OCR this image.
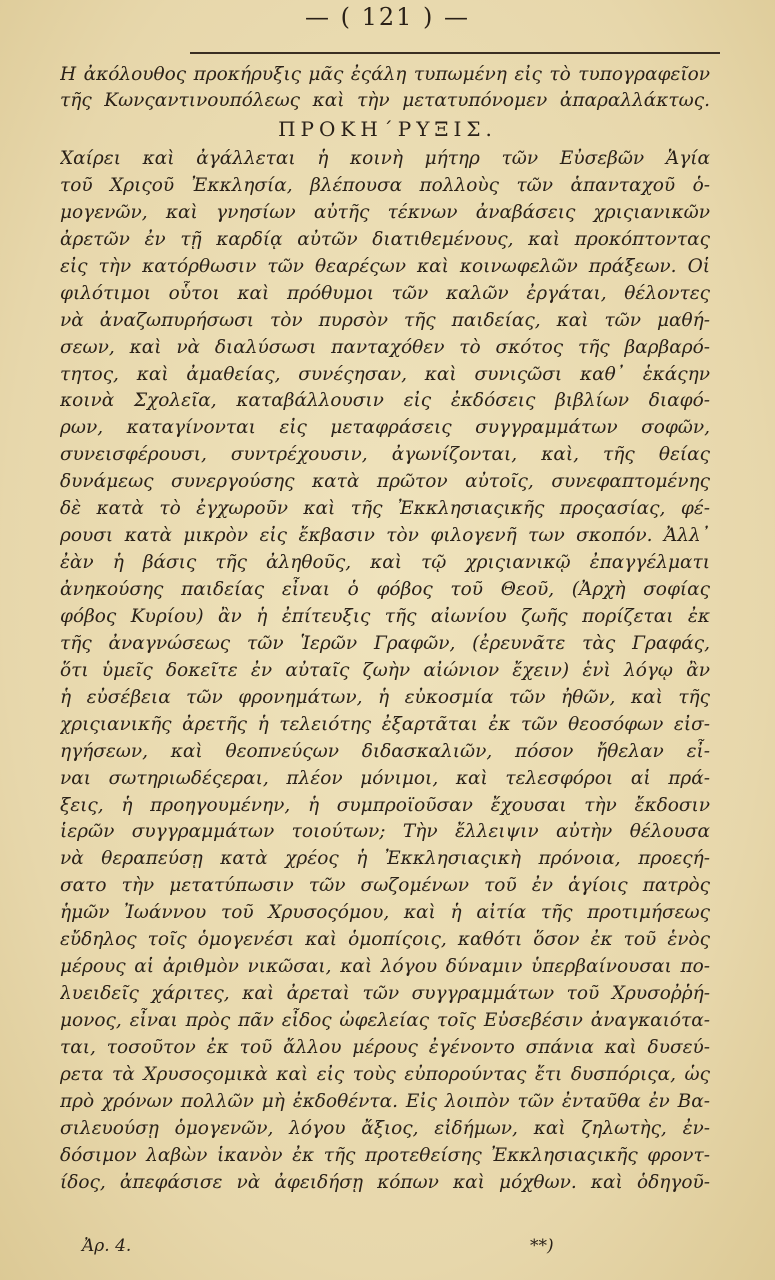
— ( 121 ) —
Η ἀκόλουθος προκήρυξις μᾶς ἐςάλη τυπωμένη εἰς τὸ τυπογραφεῖον
τῆς Κωνςαντινουπόλεως καὶ τὴν μετατυπόνομεν ἀπαραλλάκτως.
ΠΡΟΚΗ΄ΡΥΞΙΣ.
Χαίρει καὶ ἀγάλλεται ἡ κοινὴ μήτηρ τῶν Εὐσεβῶν Ἁγία
τοῦ Χριςοῦ Ἐκκλησία, βλέπουσα πολλοὺς τῶν ἁπανταχοῦ ὁ-
μογενῶν, καὶ γνησίων αὐτῆς τέκνων ἀναβάσεις χριςιανικῶν
ἀρετῶν ἐν τῇ καρδίᾳ αὐτῶν διατιθεμένους, καὶ προκόπτοντας
εἰς τὴν κατόρθωσιν τῶν θεαρέςων καὶ κοινωφελῶν πράξεων. Οἱ
φιλότιμοι οὗτοι καὶ πρόθυμοι τῶν καλῶν ἐργάται, θέλοντες
νὰ ἀναζωπυρήσωσι τὸν πυρσὸν τῆς παιδείας, καὶ τῶν μαθή-
σεων, καὶ νὰ διαλύσωσι πανταχόθεν τὸ σκότος τῆς βαρβαρό-
τητος, καὶ ἀμαθείας, συνέςησαν, καὶ συνιςῶσι καθ᾽ ἑκάςην
κοινὰ Σχολεῖα, καταβάλλουσιν εἰς ἐκδόσεις βιβλίων διαφό-
ρων, καταγίνονται εἰς μεταφράσεις συγγραμμάτων σοφῶν,
συνεισφέρουσι, συντρέχουσιν, ἀγωνίζονται, καὶ, τῆς θείας
δυνάμεως συνεργούσης κατὰ πρῶτον αὐτοῖς, συνεφαπτομένης
δὲ κατὰ τὸ ἐγχωροῦν καὶ τῆς Ἐκκλησιαςικῆς προςασίας, φέ-
ρουσι κατὰ μικρὸν εἰς ἔκβασιν τὸν φιλογενῆ των σκοπόν. Ἀλλ᾽
ἐὰν ἡ βάσις τῆς ἀληθοῦς, καὶ τῷ χριςιανικῷ ἐπαγγέλματι
ἀνηκούσης παιδείας εἶναι ὁ φόβος τοῦ Θεοῦ, (Ἀρχὴ σοφίας
φόβος Κυρίου) ἂν ἡ ἐπίτευξις τῆς αἰωνίου ζωῆς πορίζεται ἐκ
τῆς ἀναγνώσεως τῶν Ἱερῶν Γραφῶν, (ἐρευνᾶτε τὰς Γραφάς,
ὅτι ὑμεῖς δοκεῖτε ἐν αὐταῖς ζωὴν αἰώνιον ἔχειν) ἑνὶ λόγῳ ἂν
ἡ εὐσέβεια τῶν φρονημάτων, ἡ εὐκοσμία τῶν ἠθῶν, καὶ τῆς
χριςιανικῆς ἀρετῆς ἡ τελειότης ἐξαρτᾶται ἐκ τῶν θεοσόφων εἰσ-
ηγήσεων, καὶ θεοπνεύςων διδασκαλιῶν, πόσον ἤθελαν εἶ-
ναι σωτηριωδέςεραι, πλέον μόνιμοι, καὶ τελεσφόροι αἱ πρά-
ξεις, ἡ προηγουμένην, ἡ συμπροϊοῦσαν ἔχουσαι τὴν ἔκδοσιν
ἱερῶν συγγραμμάτων τοιούτων; Τὴν ἔλλειψιν αὐτὴν θέλουσα
νὰ θεραπεύσῃ κατὰ χρέος ἡ Ἐκκλησιαςικὴ πρόνοια, προεςή-
σατο τὴν μετατύπωσιν τῶν σωζομένων τοῦ ἐν ἁγίοις πατρὸς
ἡμῶν Ἰωάννου τοῦ Χρυσοςόμου, καὶ ἡ αἰτία τῆς προτιμήσεως
εὔδηλος τοῖς ὁμογενέσι καὶ ὁμοπίςοις, καθότι ὅσον ἐκ τοῦ ἑνὸς
μέρους αἱ ἀριθμὸν νικῶσαι, καὶ λόγου δύναμιν ὑπερβαίνουσαι πο-
λυειδεῖς χάριτες, καὶ ἀρεταὶ τῶν συγγραμμάτων τοῦ Χρυσοῤῥή-
μονος, εἶναι πρὸς πᾶν εἶδος ὠφελείας τοῖς Εὐσεβέσιν ἀναγκαιότα-
ται, τοσοῦτον ἐκ τοῦ ἄλλου μέρους ἐγένοντο σπάνια καὶ δυσεύ-
ρετα τὰ Χρυσοςομικὰ καὶ εἰς τοὺς εὐπορούντας ἔτι δυσπόριςα, ὡς
πρὸ χρόνων πολλῶν μὴ ἐκδοθέντα. Εἰς λοιπὸν τῶν ἐνταῦθα ἐν Βα-
σιλευούσῃ ὁμογενῶν, λόγου ἄξιος, εἰδήμων, καὶ ζηλωτὴς, ἐν-
δόσιμον λαβὼν ἱκανὸν ἐκ τῆς προτεθείσης Ἐκκλησιαςικῆς φροντ-
ίδος, ἀπεφάσισε νὰ ἀφειδήσῃ κόπων καὶ μόχθων. καὶ ὁδηγοῦ-
Ἀρ. 4.	**)
